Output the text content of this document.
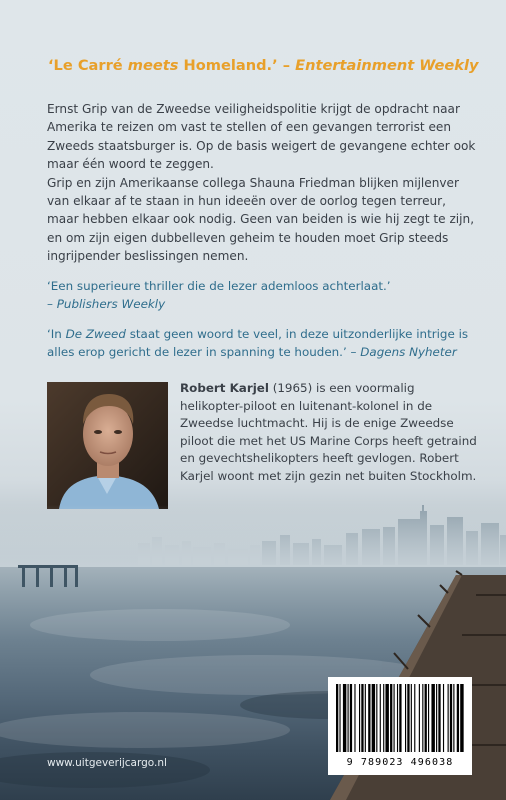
‘Le Carré meets Homeland.’ – Entertainment Weekly

Ernst Grip van de Zweedse veiligheidspolitie krijgt de opdracht naar Amerika te reizen om vast te stellen of een gevangen terrorist een Zweeds staatsburger is. Op de basis weigert de gevangene echter ook maar één woord te zeggen.

Grip en zijn Amerikaanse collega Shauna Friedman blijken mijlenver van elkaar af te staan in hun ideeën over de oorlog tegen terreur, maar hebben elkaar ook nodig. Geen van beiden is wie hij zegt te zijn, en om zijn eigen dubbelleven geheim te houden moet Grip steeds ingrijpender beslissingen nemen.

‘Een superieure thriller die de lezer ademloos achterlaat.’
– Publishers Weekly

‘In De Zweed staat geen woord te veel, in deze uitzonderlijke intrige is alles erop gericht de lezer in spanning te houden.’ – Dagens Nyheter

Robert Karjel (1965) is een voormalig helikopter-piloot en luitenant-kolonel in de Zweedse luchtmacht. Hij is de enige Zweedse piloot die met het US Marine Corps heeft getraind en gevechtshelikopters heeft gevlogen. Robert Karjel woont met zijn gezin net buiten Stockholm.

9 789023 496038

www.uitgeverijcargo.nl
